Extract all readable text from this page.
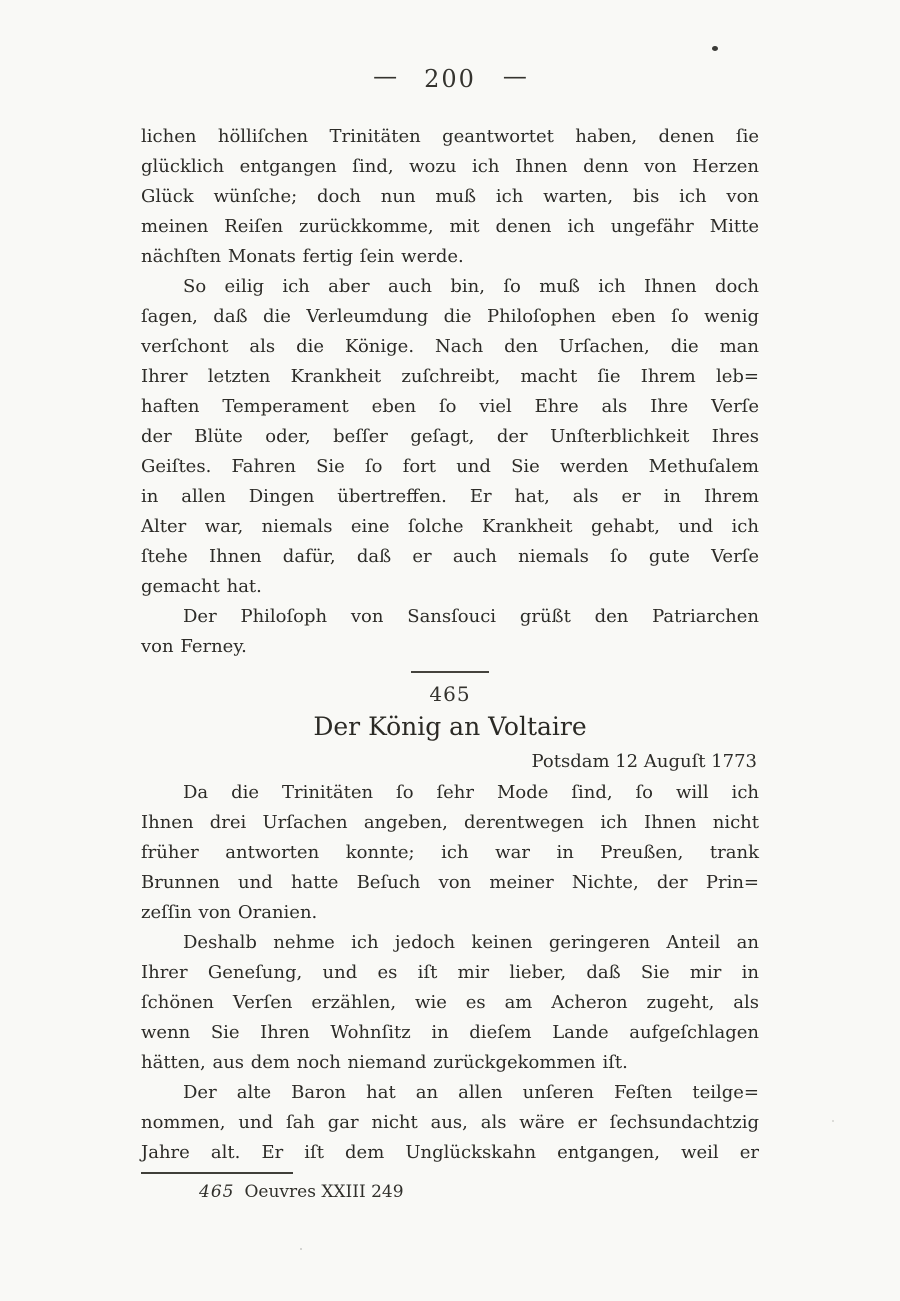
— 200 —
lichen hölliſchen Trinitäten geantwortet haben, denen ſie
glücklich entgangen ſind, wozu ich Ihnen denn von Herzen
Glück wünſche; doch nun muß ich warten, bis ich von
meinen Reiſen zurückkomme, mit denen ich ungefähr Mitte
nächſten Monats fertig ſein werde.
So eilig ich aber auch bin, ſo muß ich Ihnen doch
ſagen, daß die Verleumdung die Philoſophen eben ſo wenig
verſchont als die Könige. Nach den Urſachen, die man
Ihrer letzten Krankheit zuſchreibt, macht ſie Ihrem leb=
haften Temperament eben ſo viel Ehre als Ihre Verſe
der Blüte oder, beſſer geſagt, der Unſterblichkeit Ihres
Geiſtes. Fahren Sie ſo fort und Sie werden Methuſalem
in allen Dingen übertreffen. Er hat, als er in Ihrem
Alter war, niemals eine ſolche Krankheit gehabt, und ich
ſtehe Ihnen dafür, daß er auch niemals ſo gute Verſe
gemacht hat.
Der Philoſoph von Sansſouci grüßt den Patriarchen
von Ferney.
465
Der König an Voltaire
Potsdam 12 Auguſt 1773
Da die Trinitäten ſo ſehr Mode ſind, ſo will ich
Ihnen drei Urſachen angeben, derentwegen ich Ihnen nicht
früher antworten konnte; ich war in Preußen, trank
Brunnen und hatte Beſuch von meiner Nichte, der Prin=
zeſſin von Oranien.
Deshalb nehme ich jedoch keinen geringeren Anteil an
Ihrer Geneſung, und es iſt mir lieber, daß Sie mir in
ſchönen Verſen erzählen, wie es am Acheron zugeht, als
wenn Sie Ihren Wohnſitz in dieſem Lande aufgeſchlagen
hätten, aus dem noch niemand zurückgekommen iſt.
Der alte Baron hat an allen unſeren Feſten teilge=
nommen, und ſah gar nicht aus, als wäre er ſechsundachtzig
Jahre alt. Er iſt dem Unglückskahn entgangen, weil er
465 Oeuvres XXIII 249
